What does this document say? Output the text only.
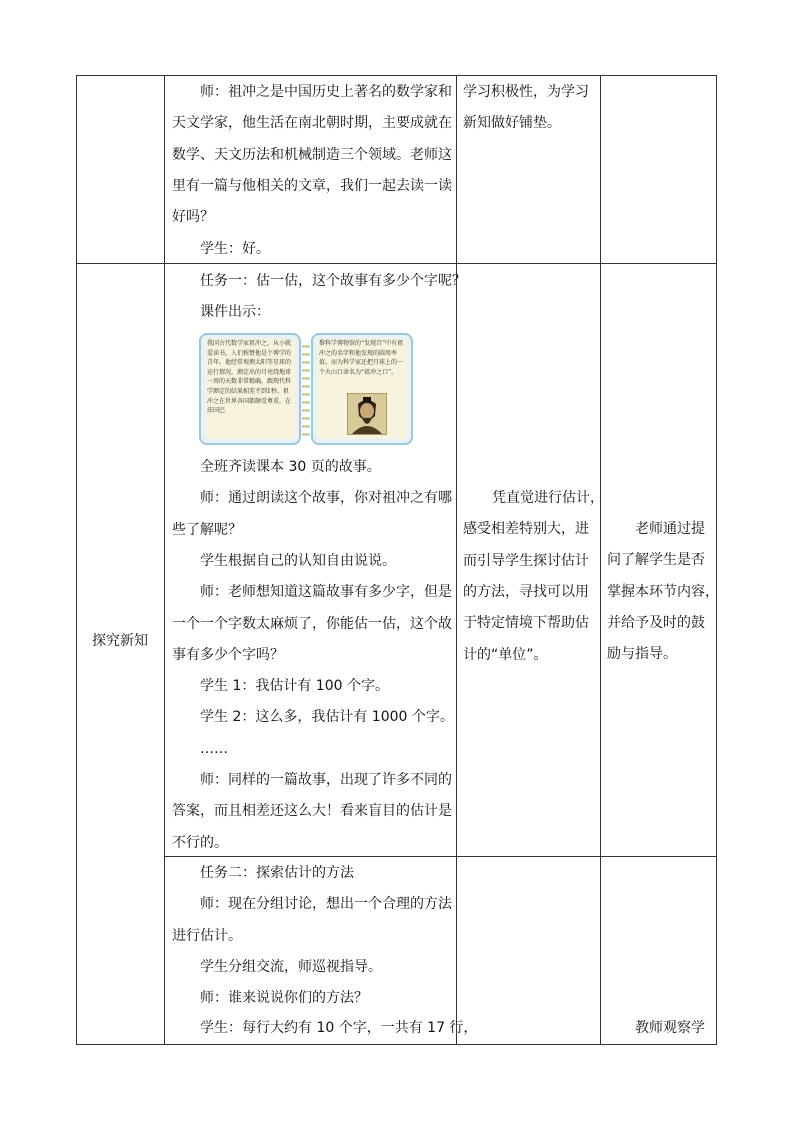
师：祖冲之是中国历史上著名的数学家和
天文学家，他生活在南北朝时期，主要成就在
数学、天文历法和机械制造三个领域。老师这
里有一篇与他相关的文章，我们一起去读一读
好吗？
学生：好。
学习积极性，为学习
新知做好铺垫。
探究新知
任务一：估一估，这个故事有多少个字呢？
课件出示：
我国古代数学家祖冲之，从小就爱读书，人们称赞他是个博学的青年。他经常观测太阳等星球的运行情况，测定出的月亮绕地球一周的天数非常精确，跟现代科学测定的结果相差不到1秒。祖冲之在世界各国都颇受尊重，在法国巴
黎科学博物馆的“发现宫”中有祖冲之的名字和他发现的圆周率值。而为科学家还把月球上的一个火山口命名为“祖冲之口”。
全班齐读课本 30 页的故事。
师：通过朗读这个故事，你对祖冲之有哪
些了解呢？
学生根据自己的认知自由说说。
师：老师想知道这篇故事有多少字，但是
一个一个字数太麻烦了，你能估一估，这个故
事有多少个字吗？
学生 1：我估计有 100 个字。
学生 2：这么多，我估计有 1000 个字。
……
师：同样的一篇故事，出现了许多不同的
答案，而且相差还这么大！看来盲目的估计是
不行的。
凭直觉进行估计，
感受相差特别大，进
而引导学生探讨估计
的方法，寻找可以用
于特定情境下帮助估
计的“单位”。
老师通过提
问了解学生是否
掌握本环节内容，
并给予及时的鼓
励与指导。
任务二：探索估计的方法
师：现在分组讨论，想出一个合理的方法
进行估计。
学生分组交流，师巡视指导。
师：谁来说说你们的方法？
学生：每行大约有 10 个字，一共有 17 行，	教师观察学
